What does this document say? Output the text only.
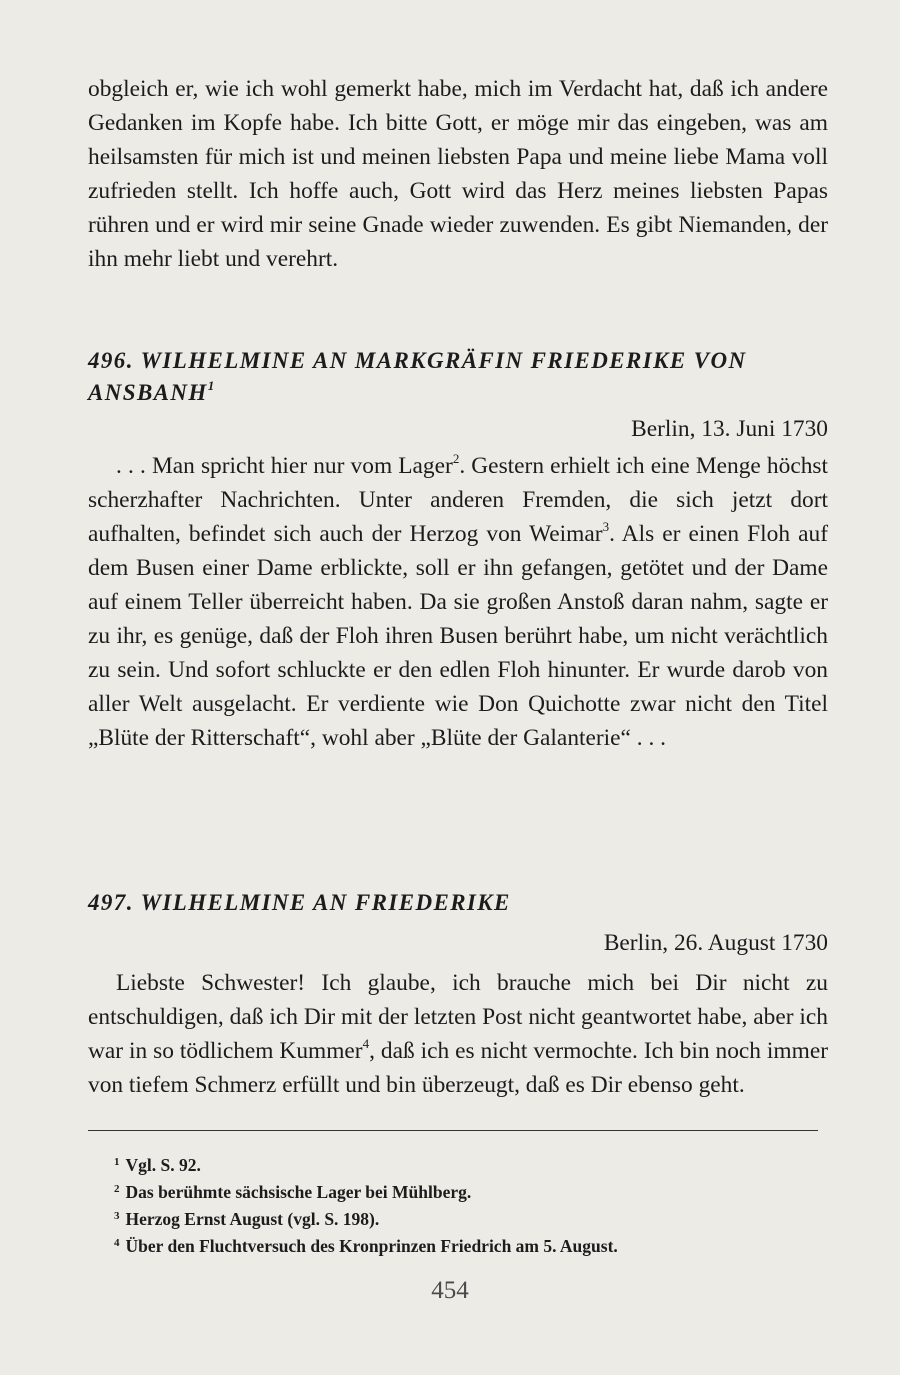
obgleich er, wie ich wohl gemerkt habe, mich im Verdacht hat, daß ich andere Gedanken im Kopfe habe. Ich bitte Gott, er möge mir das eingeben, was am heilsamsten für mich ist und meinen liebsten Papa und meine liebe Mama voll zufrieden stellt. Ich hoffe auch, Gott wird das Herz meines liebsten Papas rühren und er wird mir seine Gnade wieder zuwenden. Es gibt Niemanden, der ihn mehr liebt und verehrt.

496. WILHELMINE AN MARKGRÄFIN FRIEDERIKE VON ANSBANH$^1$
Berlin, 13. Juni 1730

. . . Man spricht hier nur vom Lager$^2$. Gestern erhielt ich eine Menge höchst scherzhafter Nachrichten. Unter anderen Fremden, die sich jetzt dort aufhalten, befindet sich auch der Herzog von Weimar$^3$. Als er einen Floh auf dem Busen einer Dame erblickte, soll er ihn gefangen, getötet und der Dame auf einem Teller überreicht haben. Da sie großen Anstoß daran nahm, sagte er zu ihr, es genüge, daß der Floh ihren Busen berührt habe, um nicht verächtlich zu sein. Und sofort schluckte er den edlen Floh hinunter. Er wurde darob von aller Welt ausgelacht. Er verdiente wie Don Quichotte zwar nicht den Titel „Blüte der Ritterschaft“, wohl aber „Blüte der Galanterie“ . . .

497. WILHELMINE AN FRIEDERIKE
Berlin, 26. August 1730

Liebste Schwester! Ich glaube, ich brauche mich bei Dir nicht zu entschuldigen, daß ich Dir mit der letzten Post nicht geantwortet habe, aber ich war in so tödlichem Kummer$^4$, daß ich es nicht vermochte. Ich bin noch immer von tiefem Schmerz erfüllt und bin überzeugt, daß es Dir ebenso geht.

$^1$ Vgl. S. 92.
$^2$ Das berühmte sächsische Lager bei Mühlberg.
$^3$ Herzog Ernst August (vgl. S. 198).
$^4$ Über den Fluchtversuch des Kronprinzen Friedrich am 5. August.
454
